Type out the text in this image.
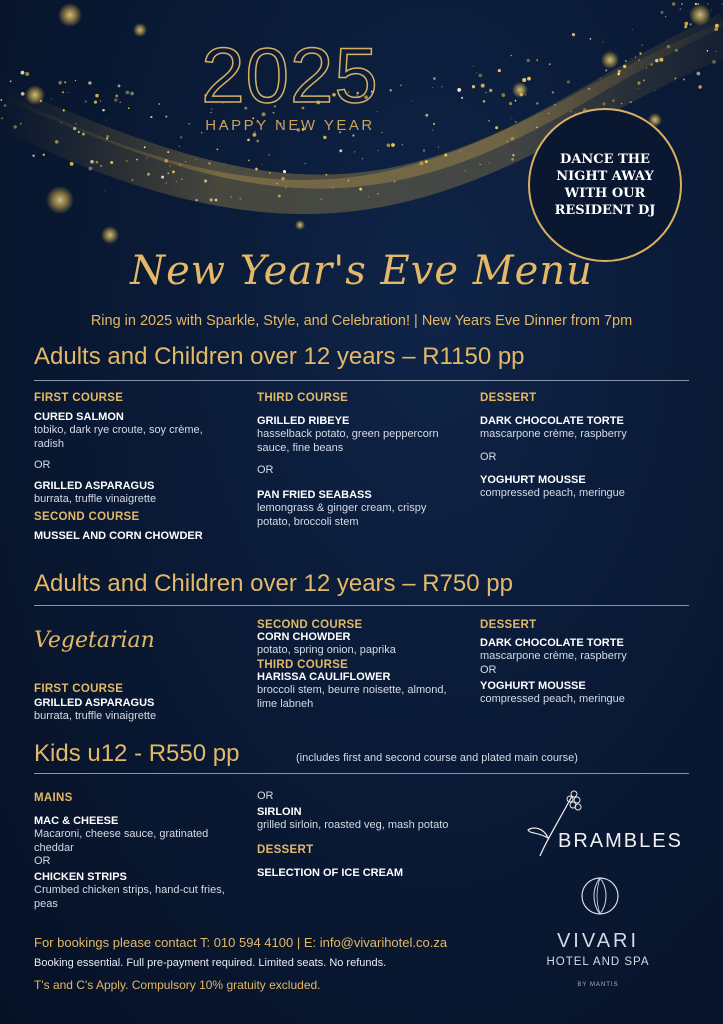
2025
HAPPY NEW YEAR
DANCE THE NIGHT AWAY WITH OUR RESIDENT DJ
New Year's Eve Menu
Ring in 2025 with Sparkle, Style, and Celebration! | New Years Eve Dinner from 7pm
Adults and Children over 12 years – R1150 pp
FIRST COURSE
CURED SALMON
tobiko, dark rye croute, soy crème, radish
OR
GRILLED ASPARAGUS
burrata, truffle vinaigrette
SECOND COURSE
MUSSEL AND CORN CHOWDER
THIRD COURSE
GRILLED RIBEYE
hasselback potato, green peppercorn sauce, fine beans
OR
PAN FRIED SEABASS
lemongrass & ginger cream, crispy potato, broccoli stem
DESSERT
DARK CHOCOLATE TORTE
mascarpone crème, raspberry
OR
YOGHURT MOUSSE
compressed peach, meringue
Adults and Children over 12 years – R750 pp
Vegetarian
FIRST COURSE
GRILLED ASPARAGUS
burrata, truffle vinaigrette
SECOND COURSE
CORN CHOWDER
potato, spring onion, paprika
THIRD COURSE
HARISSA CAULIFLOWER
broccoli stem, beurre noisette, almond, lime labneh
DESSERT
DARK CHOCOLATE TORTE
mascarpone crème, raspberry
OR
YOGHURT MOUSSE
compressed peach, meringue
Kids u12 - R550 pp	(includes first and second course and plated main course)
MAINS
MAC & CHEESE
Macaroni, cheese sauce, gratinated cheddar
OR
CHICKEN STRIPS
Crumbed chicken strips, hand-cut fries, peas
OR
SIRLOIN
grilled sirloin, roasted veg, mash potato
DESSERT
SELECTION OF ICE CREAM
BRAMBLES
VIVARI
HOTEL AND SPA
BY MANTIS
For bookings please contact T: 010 594 4100 | E: info@vivarihotel.co.za
Booking essential. Full pre-payment required. Limited seats. No refunds.
T's and C's Apply. Compulsory 10% gratuity excluded.
